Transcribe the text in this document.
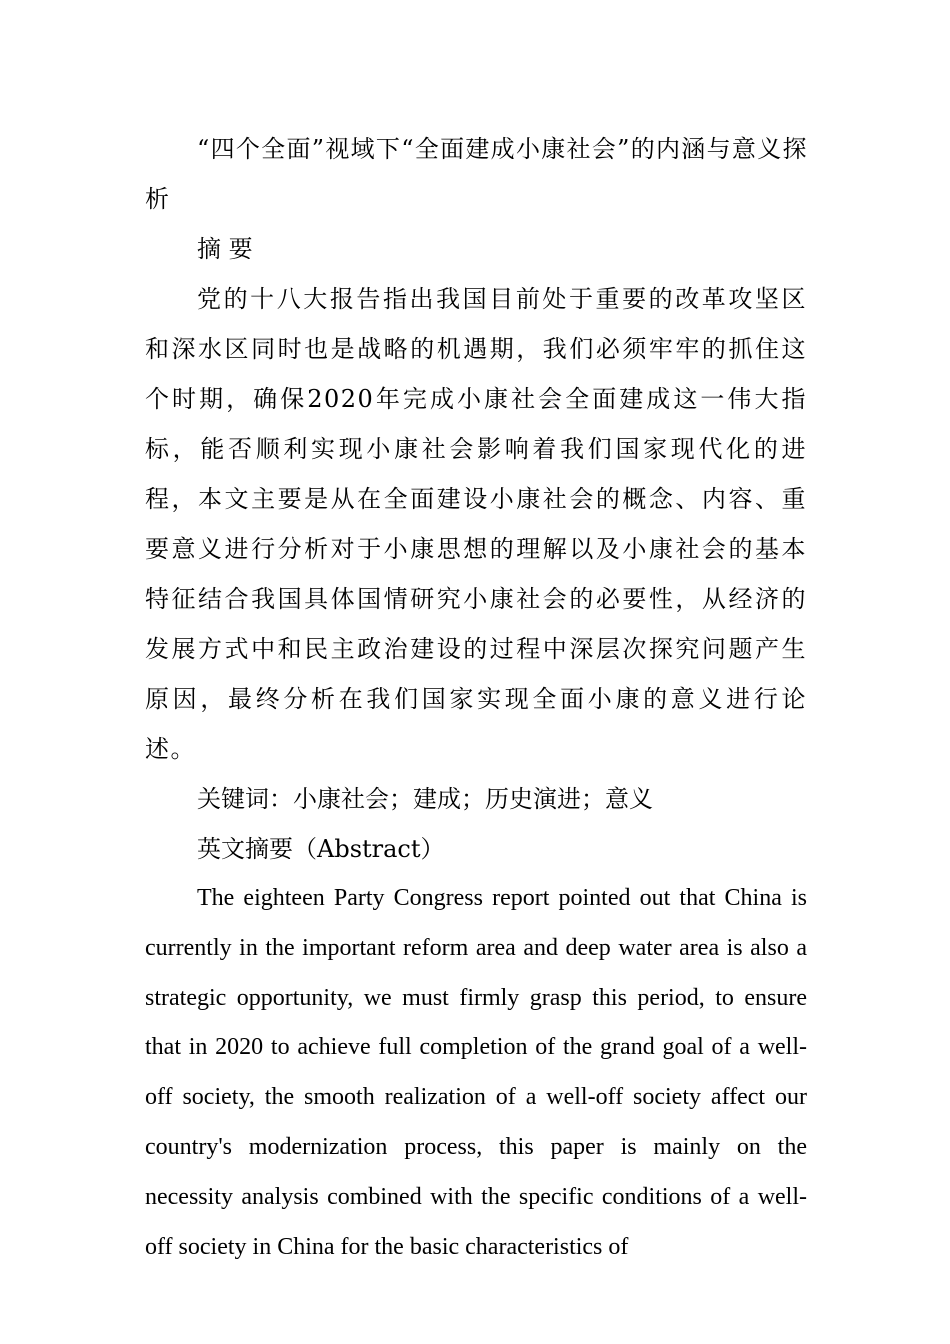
“四个全面”视域下“全面建成小康社会”的内涵与意义探析

摘 要

党的十八大报告指出我国目前处于重要的改革攻坚区和深水区同时也是战略的机遇期，我们必须牢牢的抓住这个时期，确保2020年完成小康社会全面建成这一伟大指标，能否顺利实现小康社会影响着我们国家现代化的进程，本文主要是从在全面建设小康社会的概念、内容、重要意义进行分析对于小康思想的理解以及小康社会的基本特征结合我国具体国情研究小康社会的必要性，从经济的发展方式中和民主政治建设的过程中深层次探究问题产生原因，最终分析在我们国家实现全面小康的意义进行论述。

关键词：小康社会；建成；历史演进；意义

英文摘要（Abstract）

The eighteen Party Congress report pointed out that China is currently in the important reform area and deep water area is also a strategic opportunity, we must firmly grasp this period, to ensure that in 2020 to achieve full completion of the grand goal of a well-off society, the smooth realization of a well-off society affect our country's modernization process, this paper is mainly on the necessity analysis combined with the specific conditions of a well-off society in China for the basic characteristics of
